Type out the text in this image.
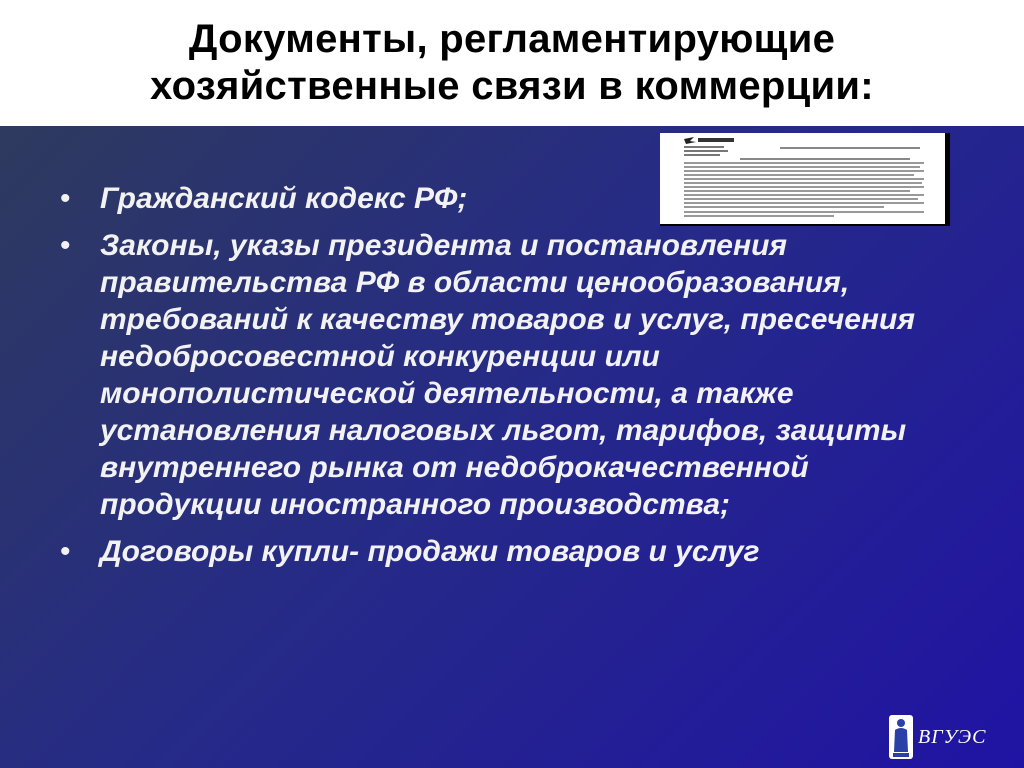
Документы, регламентирующие
хозяйственные связи в коммерции:
• Гражданский кодекс РФ;
• Законы, указы президента и постановления правительства РФ в области ценообразования, требований к качеству товаров и услуг, пресечения недобросовестной конкуренции или монополистической деятельности, а также установления налоговых льгот, тарифов, защиты внутреннего рынка от недоброкачественной продукции иностранного производства;
• Договоры купли- продажи товаров и услуг
ВГУЭС
